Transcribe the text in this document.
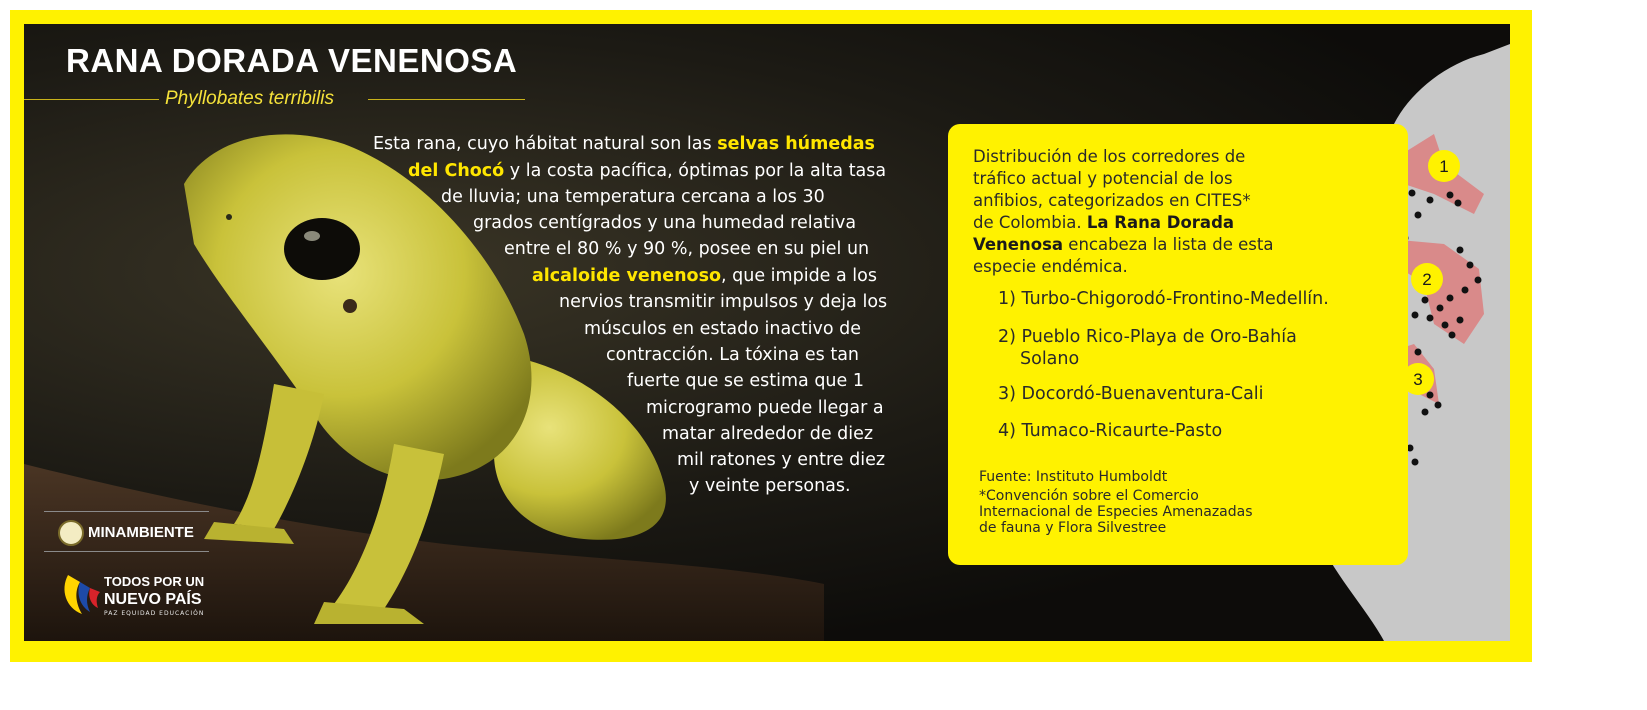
1
2
3
RANA DORADA VENENOSA
Phyllobates terribilis
Esta rana, cuyo hábitat natural son las selvas húmedas
del Chocó y la costa pacífica, óptimas por la alta tasa
de lluvia; una temperatura cercana a los 30
grados centígrados y una humedad relativa
entre el 80 % y 90 %, posee en su piel un
alcaloide venenoso, que impide a los
nervios transmitir impulsos y deja los
músculos en estado inactivo de
contracción. La tóxina es tan
fuerte que se estima que 1
microgramo puede llegar a
matar alrededor de diez
mil ratones y entre diez
y veinte personas.
Distribución de los corredores de
tráfico actual y potencial de los
anfibios, categorizados en CITES*
de Colombia. La Rana Dorada
Venenosa encabeza la lista de esta
especie endémica.
1) Turbo-Chigorodó-Frontino-Medellín.
2) Pueblo Rico-Playa de Oro-Bahía
Solano
3) Docordó-Buenaventura-Cali
4) Tumaco-Ricaurte-Pasto
Fuente: Instituto Humboldt
*Convención sobre el Comercio
Internacional de Especies Amenazadas
de fauna y Flora Silvestree
MINAMBIENTE
TODOS POR UN
NUEVO PAÍS
PAZ EQUIDAD EDUCACIÓN
